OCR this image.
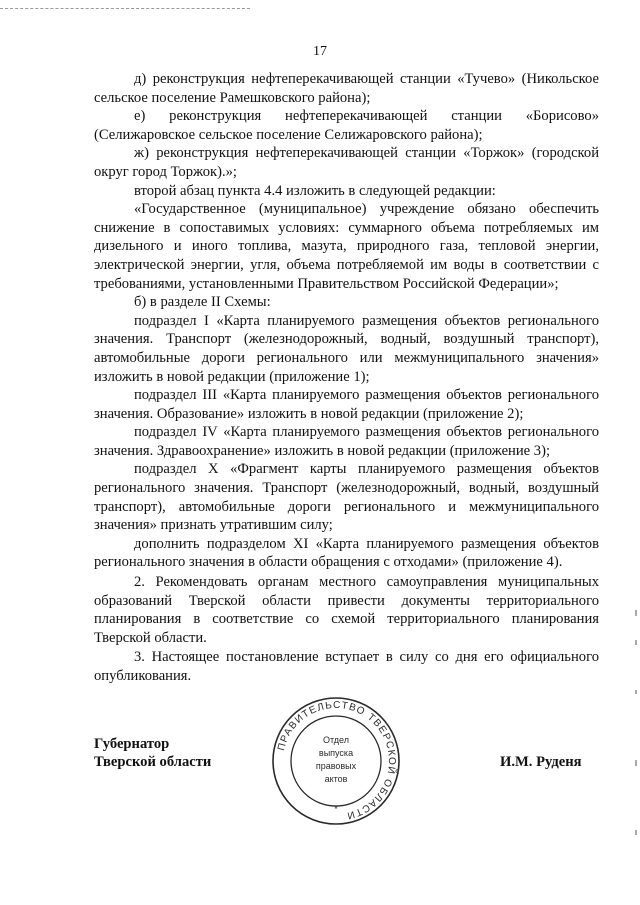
17

д) реконструкция нефтеперекачивающей станции «Тучево» (Никольское сельское поселение Рамешковского района);

е) реконструкция нефтеперекачивающей станции «Борисово» (Селижаровское сельское поселение Селижаровского района);

ж) реконструкция нефтеперекачивающей станции «Торжок» (городской округ город Торжок).»;

второй абзац пункта 4.4 изложить в следующей редакции:

«Государственное (муниципальное) учреждение обязано обеспечить снижение в сопоставимых условиях: суммарного объема потребляемых им дизельного и иного топлива, мазута, природного газа, тепловой энергии, электрической энергии, угля, объема потребляемой им воды в соответствии с требованиями, установленными Правительством Российской Федерации»;

б) в разделе II Схемы:

подраздел I «Карта планируемого размещения объектов регионального значения. Транспорт (железнодорожный, водный, воздушный транспорт), автомобильные дороги регионального или межмуниципального значения» изложить в новой редакции (приложение 1);

подраздел III «Карта планируемого размещения объектов регионального значения. Образование» изложить в новой редакции (приложение 2);

подраздел IV «Карта планируемого размещения объектов регионального значения. Здравоохранение» изложить в новой редакции (приложение 3);

подраздел X «Фрагмент карты планируемого размещения объектов регионального значения. Транспорт (железнодорожный, водный, воздушный транспорт), автомобильные дороги регионального и межмуниципального значения» признать утратившим силу;

дополнить подразделом XI «Карта планируемого размещения объектов регионального значения в области обращения с отходами» (приложение 4).

2. Рекомендовать органам местного самоуправления муниципальных образований Тверской области привести документы территориального планирования в соответствие со схемой территориального планирования Тверской области.

3. Настоящее постановление вступает в силу со дня его официального опубликования.

Губернатор
Тверской области
ПРАВИТЕЛЬСТВО ТВЕРСКОЙ ОБЛАСТИ
Отдел
выпуска
правовых
актов
*
И.М. Руденя
